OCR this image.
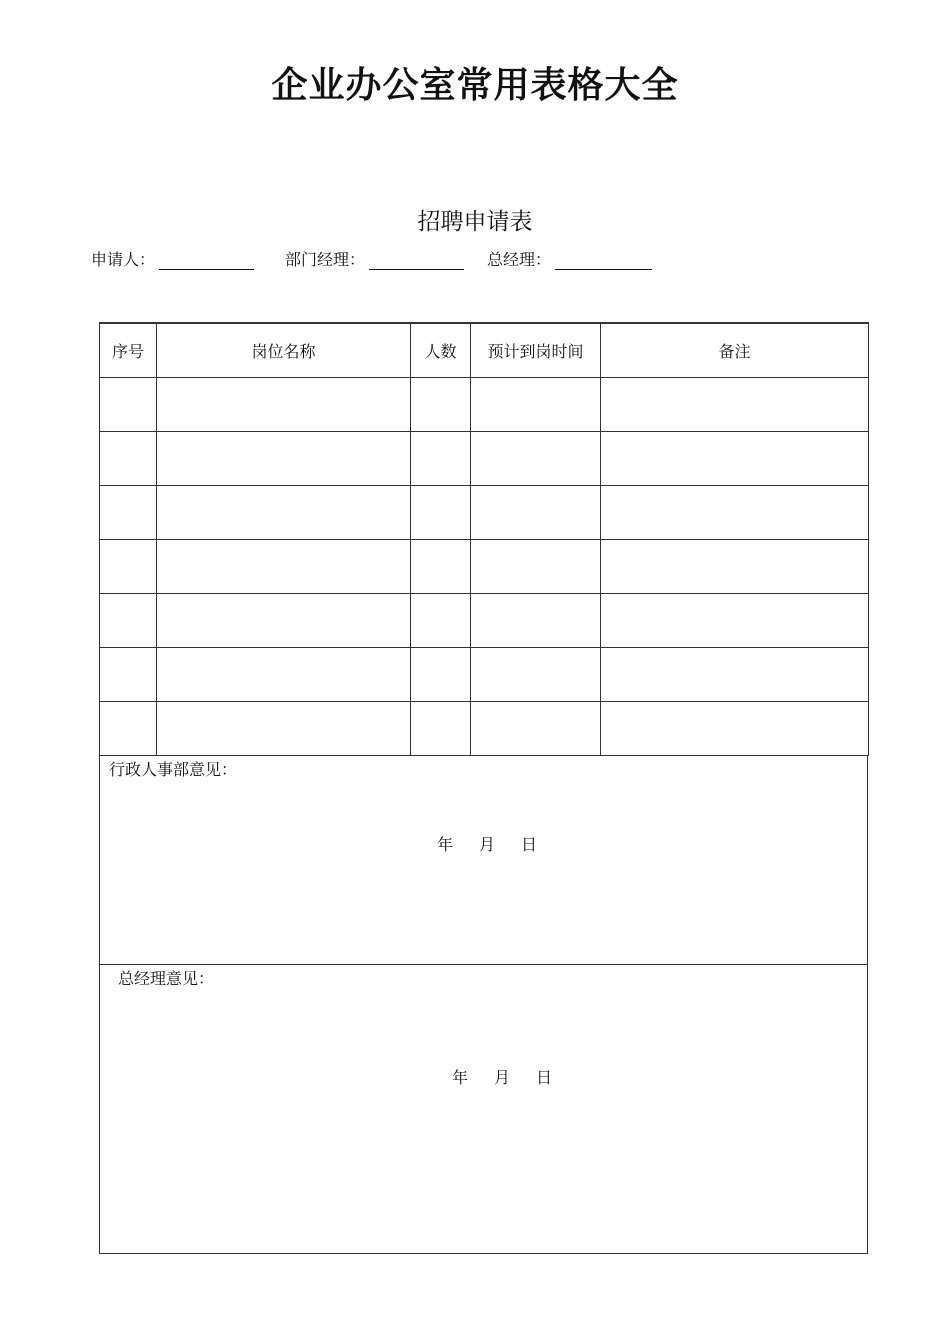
企业办公室常用表格大全
招聘申请表
申请人：	部门经理：	总经理：
序号	岗位名称	人数	预计到岗时间	备注

行政人事部意见：
年 月 日
总经理意见：
年 月 日
